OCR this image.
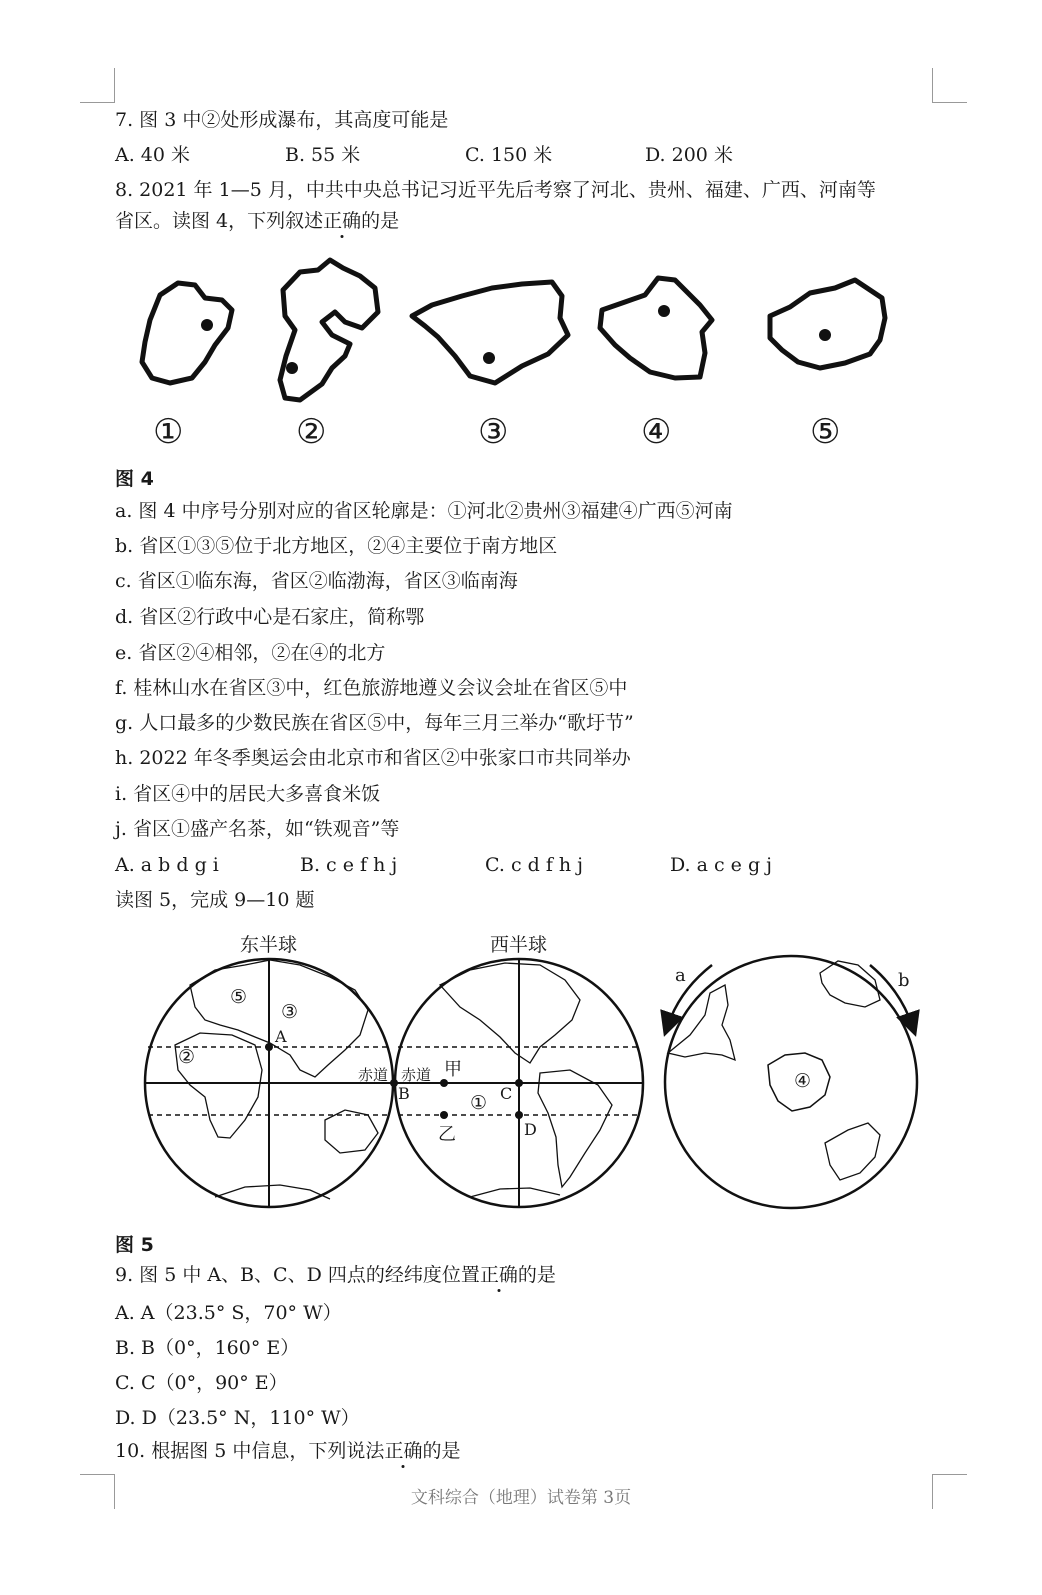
7. 图 3 中②处形成瀑布，其高度可能是
A. 40 米	B. 55 米	C. 150 米	D. 200 米
8. 2021 年 1—5 月，中共中央总书记习近平先后考察了河北、贵州、福建、广西、河南等
省区。读图 4，下列叙述正确的是
①	②	③	④	⑤
图 4
a. 图 4 中序号分别对应的省区轮廓是：①河北②贵州③福建④广西⑤河南
b. 省区①③⑤位于北方地区，②④主要位于南方地区
c. 省区①临东海，省区②临渤海，省区③临南海
d. 省区②行政中心是石家庄，简称鄂
e. 省区②④相邻，②在④的北方
f. 桂林山水在省区③中，红色旅游地遵义会议会址在省区⑤中
g. 人口最多的少数民族在省区⑤中，每年三月三举办“歌圩节”
h. 2022 年冬季奥运会由北京市和省区②中张家口市共同举办
i. 省区④中的居民大多喜食米饭
j. 省区①盛产名茶，如“铁观音”等
A. a b d g i	B. c e f h j	C. c d f h j	D. a c e g j
读图 5，完成 9—10 题
东半球	西半球
赤道 赤道
A
B	C
D
甲
乙
①
②
③
④
⑤
a	b
图 5
9. 图 5 中 A、B、C、D 四点的经纬度位置正确的是
A. A（23.5° S，70° W）
B. B（0°，160° E）
C. C（0°，90° E）
D. D（23.5° N，110° W）
10. 根据图 5 中信息，下列说法正确的是
文科综合（地理）试卷第 3页
